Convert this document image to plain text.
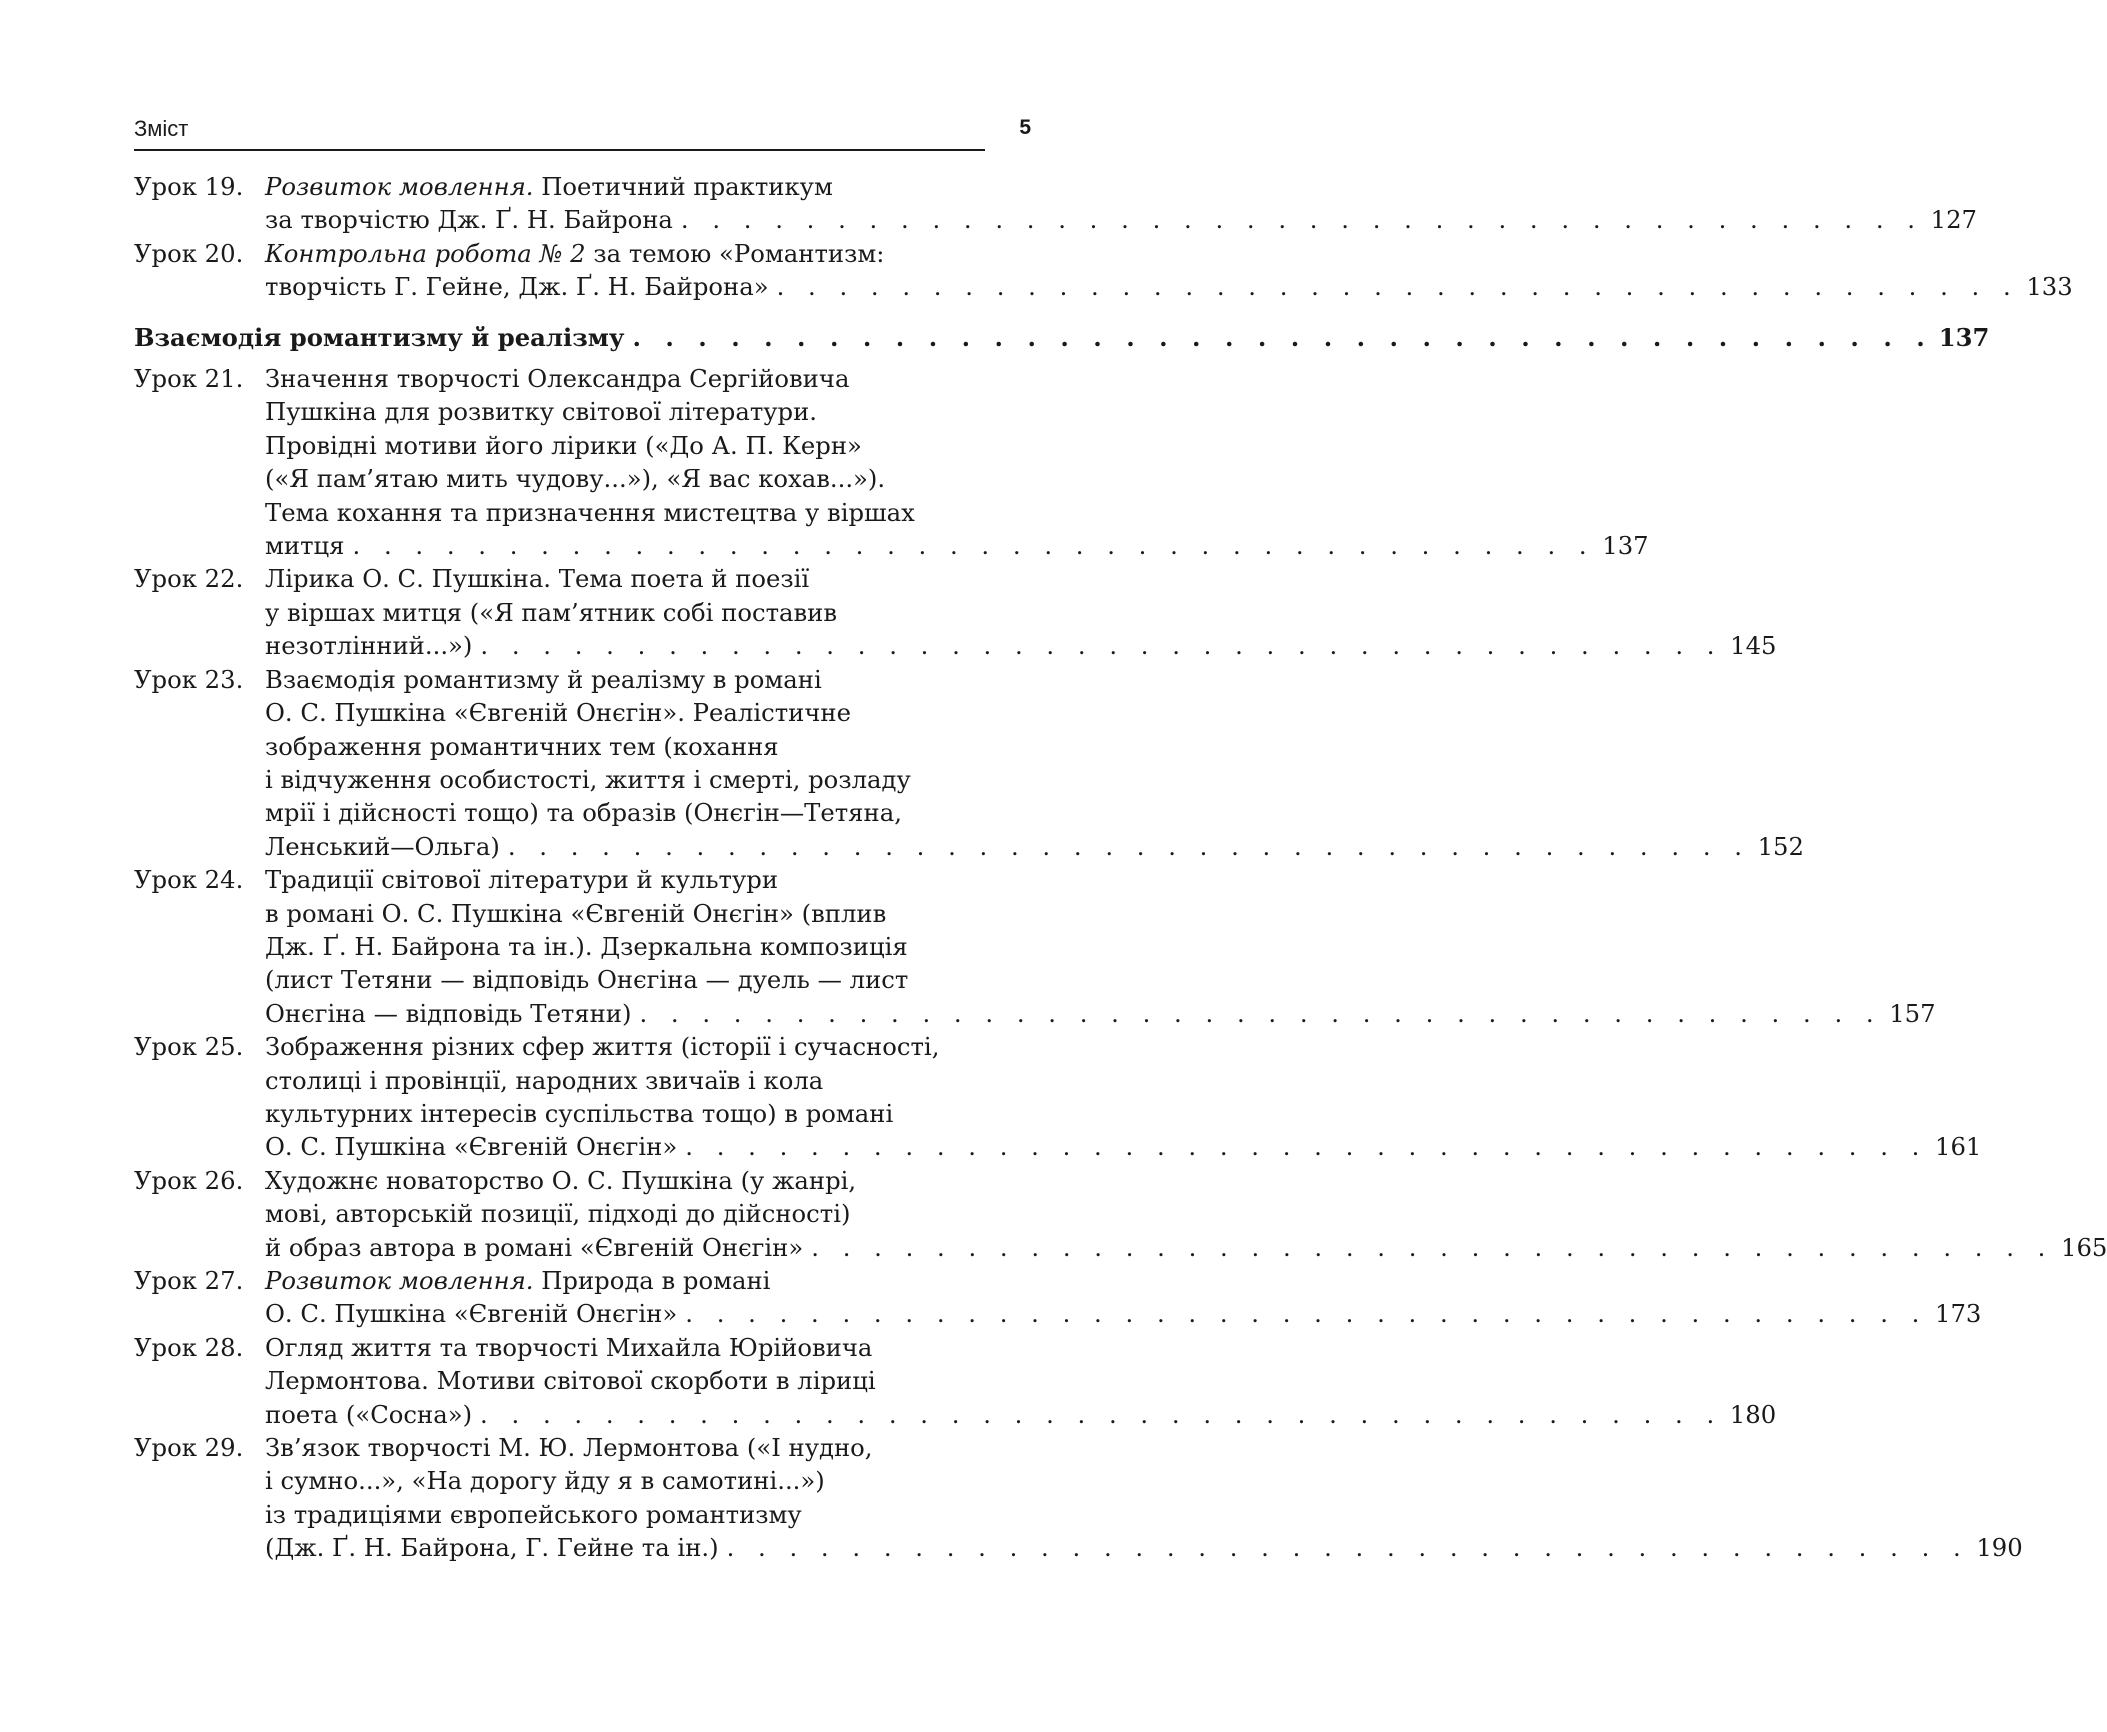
Зміст	5
Урок 19. Розвиток мовлення. Поетичний практикум
за творчістю Дж. Ґ. Н. Байрона . . . . . . . . . . . . . . . . . . . . . . . . . . . . . . . . . . . . . . . . 127
Урок 20. Контрольна робота № 2 за темою «Романтизм:
творчість Г. Гейне, Дж. Ґ. Н. Байрона» . . . . . . . . . . . . . . . . . . . . . . . . . . . . . . . . . . . . . . . . 133
Взаємодія романтизму й реалізму . . . . . . . . . . . . . . . . . . . . . . . . . . . . . . . . . . . . . . . . 137
Урок 21. Значення творчості Олександра Сергійовича
Пушкіна для розвитку світової літератури.
Провідні мотиви його лірики («До А. П. Керн»
(«Я пам’ятаю мить чудову...»), «Я вас кохав...»).
Тема кохання та призначення мистецтва у віршах
митця . . . . . . . . . . . . . . . . . . . . . . . . . . . . . . . . . . . . . . . . 137
Урок 22. Лірика О. С. Пушкіна. Тема поета й поезії
у віршах митця («Я пам’ятник собі поставив
незотлінний...») . . . . . . . . . . . . . . . . . . . . . . . . . . . . . . . . . . . . . . . . 145
Урок 23. Взаємодія романтизму й реалізму в романі
О. С. Пушкіна «Євгеній Онєгін». Реалістичне
зображення романтичних тем (кохання
і відчуження особистості, життя і смерті, розладу
мрії і дійсності тощо) та образів (Онєгін—Тетяна,
Ленський—Ольга) . . . . . . . . . . . . . . . . . . . . . . . . . . . . . . . . . . . . . . . . 152
Урок 24. Традиції світової літератури й культури
в романі О. С. Пушкіна «Євгеній Онєгін» (вплив
Дж. Ґ. Н. Байрона та ін.). Дзеркальна композиція
(лист Тетяни — відповідь Онєгіна — дуель — лист
Онєгіна — відповідь Тетяни) . . . . . . . . . . . . . . . . . . . . . . . . . . . . . . . . . . . . . . . . 157
Урок 25. Зображення різних сфер життя (історії і сучасності,
столиці і провінції, народних звичаїв і кола
культурних інтересів суспільства тощо) в романі
О. С. Пушкіна «Євгеній Онєгін» . . . . . . . . . . . . . . . . . . . . . . . . . . . . . . . . . . . . . . . . 161
Урок 26. Художнє новаторство О. С. Пушкіна (у жанрі,
мові, авторській позиції, підході до дійсності)
й образ автора в романі «Євгеній Онєгін» . . . . . . . . . . . . . . . . . . . . . . . . . . . . . . . . . . . . . . . . 165
Урок 27. Розвиток мовлення. Природа в романі
О. С. Пушкіна «Євгеній Онєгін» . . . . . . . . . . . . . . . . . . . . . . . . . . . . . . . . . . . . . . . . 173
Урок 28. Огляд життя та творчості Михайла Юрійовича
Лермонтова. Мотиви світової скорботи в ліриці
поета («Сосна») . . . . . . . . . . . . . . . . . . . . . . . . . . . . . . . . . . . . . . . . 180
Урок 29. Зв’язок творчості М. Ю. Лермонтова («І нудно,
і сумно...», «На дорогу йду я в самотині...»)
із традиціями європейського романтизму
(Дж. Ґ. Н. Байрона, Г. Гейне та ін.) . . . . . . . . . . . . . . . . . . . . . . . . . . . . . . . . . . . . . . . . 190
